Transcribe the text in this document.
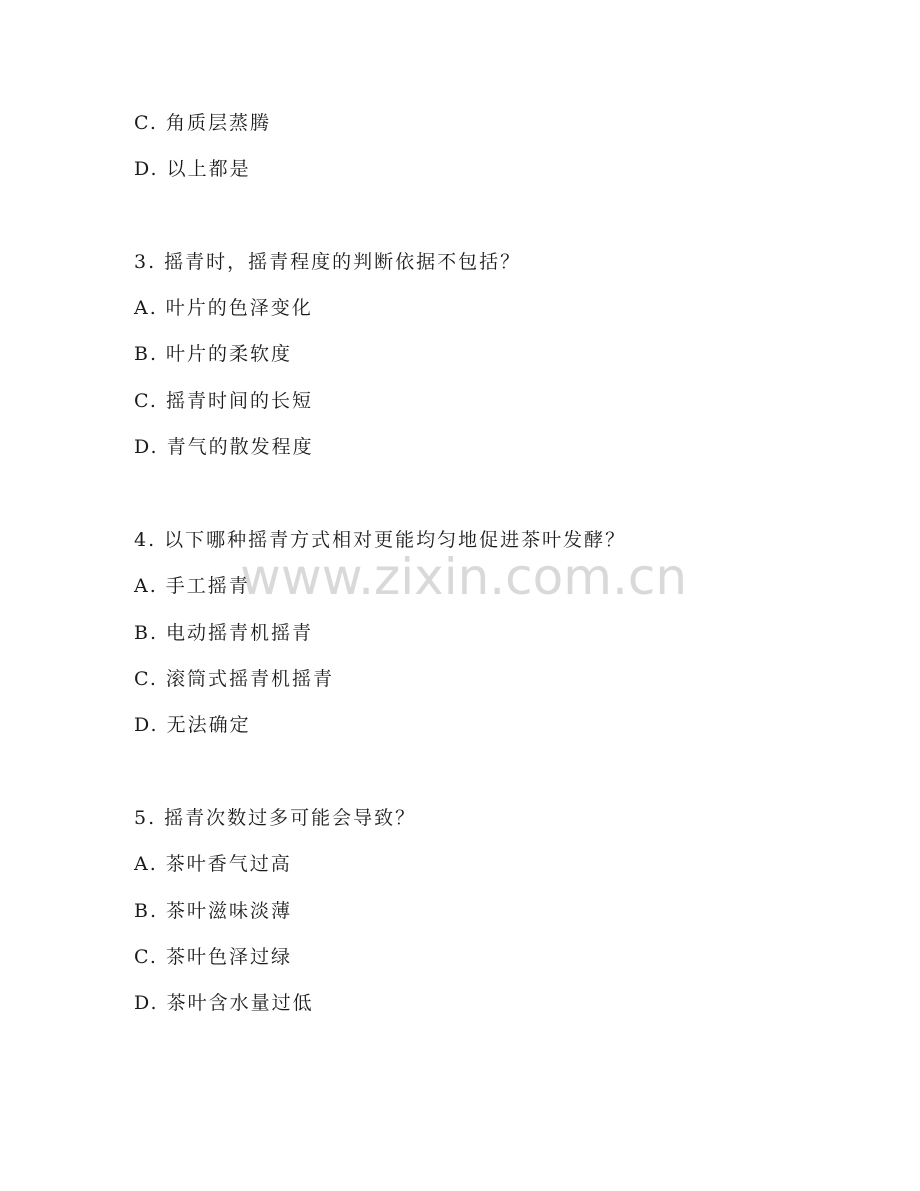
www.zixin.com.cn
C. 角质层蒸腾
D. 以上都是
3. 摇青时，摇青程度的判断依据不包括？
A. 叶片的色泽变化
B. 叶片的柔软度
C. 摇青时间的长短
D. 青气的散发程度
4. 以下哪种摇青方式相对更能均匀地促进茶叶发酵？
A. 手工摇青
B. 电动摇青机摇青
C. 滚筒式摇青机摇青
D. 无法确定
5. 摇青次数过多可能会导致？
A. 茶叶香气过高
B. 茶叶滋味淡薄
C. 茶叶色泽过绿
D. 茶叶含水量过低
